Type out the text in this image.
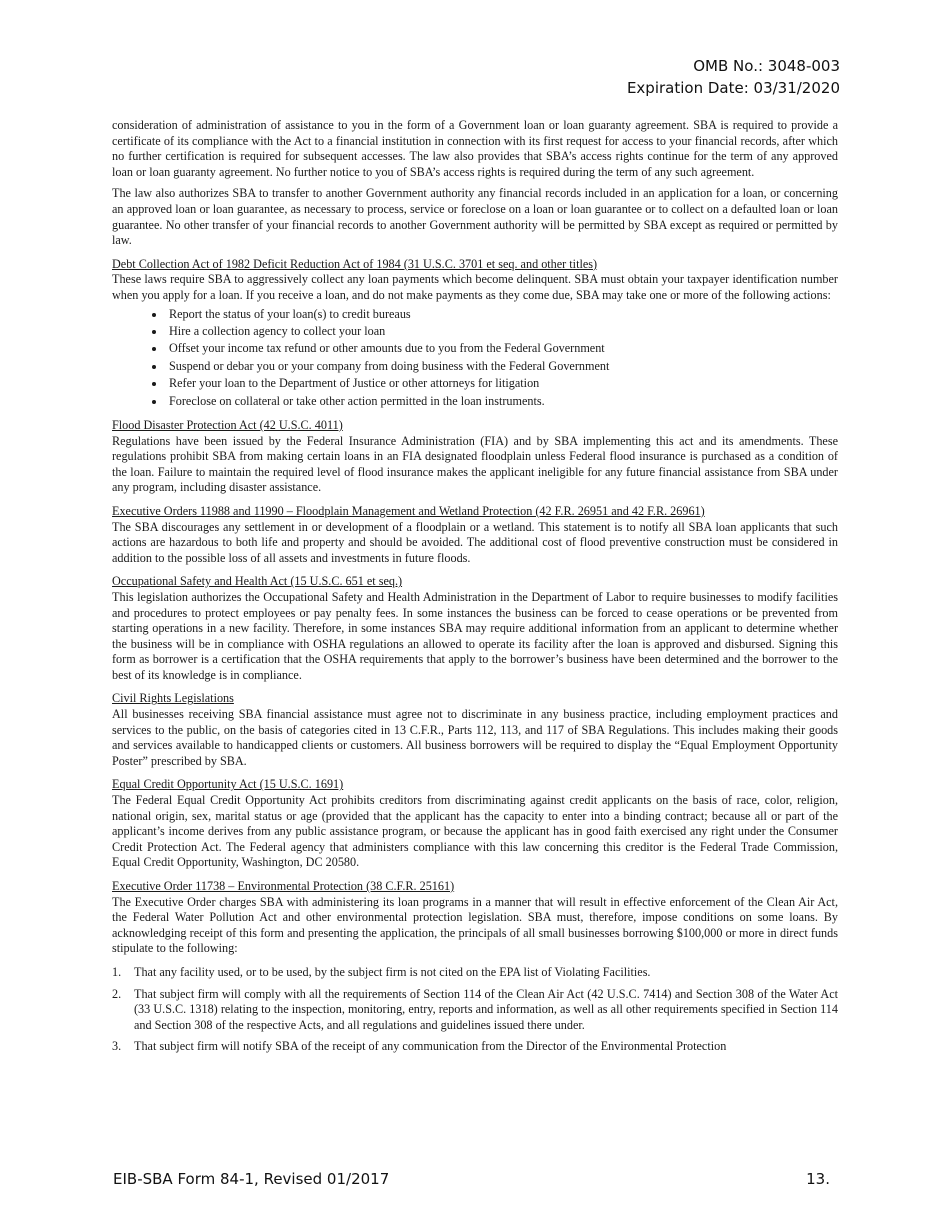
OMB No.: 3048-003
Expiration Date: 03/31/2020

consideration of administration of assistance to you in the form of a Government loan or loan guaranty agreement. SBA is required to provide a certificate of its compliance with the Act to a financial institution in connection with its first request for access to your financial records, after which no further certification is required for subsequent accesses. The law also provides that SBA’s access rights continue for the term of any approved loan or loan guaranty agreement. No further notice to you of SBA’s access rights is required during the term of any such agreement.

The law also authorizes SBA to transfer to another Government authority any financial records included in an application for a loan, or concerning an approved loan or loan guarantee, as necessary to process, service or foreclose on a loan or loan guarantee or to collect on a defaulted loan or loan guarantee. No other transfer of your financial records to another Government authority will be permitted by SBA except as required or permitted by law.

Debt Collection Act of 1982 Deficit Reduction Act of 1984 (31 U.S.C. 3701 et seq. and other titles)

These laws require SBA to aggressively collect any loan payments which become delinquent. SBA must obtain your taxpayer identification number when you apply for a loan. If you receive a loan, and do not make payments as they come due, SBA may take one or more of the following actions:

• Report the status of your loan(s) to credit bureaus
• Hire a collection agency to collect your loan
• Offset your income tax refund or other amounts due to you from the Federal Government
• Suspend or debar you or your company from doing business with the Federal Government
• Refer your loan to the Department of Justice or other attorneys for litigation
• Foreclose on collateral or take other action permitted in the loan instruments.

Flood Disaster Protection Act (42 U.S.C. 4011)

Regulations have been issued by the Federal Insurance Administration (FIA) and by SBA implementing this act and its amendments. These regulations prohibit SBA from making certain loans in an FIA designated floodplain unless Federal flood insurance is purchased as a condition of the loan. Failure to maintain the required level of flood insurance makes the applicant ineligible for any future financial assistance from SBA under any program, including disaster assistance.

Executive Orders 11988 and 11990 – Floodplain Management and Wetland Protection (42 F.R. 26951 and 42 F.R. 26961)

The SBA discourages any settlement in or development of a floodplain or a wetland. This statement is to notify all SBA loan applicants that such actions are hazardous to both life and property and should be avoided. The additional cost of flood preventive construction must be considered in addition to the possible loss of all assets and investments in future floods.

Occupational Safety and Health Act (15 U.S.C. 651 et seq.)

This legislation authorizes the Occupational Safety and Health Administration in the Department of Labor to require businesses to modify facilities and procedures to protect employees or pay penalty fees. In some instances the business can be forced to cease operations or be prevented from starting operations in a new facility. Therefore, in some instances SBA may require additional information from an applicant to determine whether the business will be in compliance with OSHA regulations an allowed to operate its facility after the loan is approved and disbursed. Signing this form as borrower is a certification that the OSHA requirements that apply to the borrower’s business have been determined and the borrower to the best of its knowledge is in compliance.

Civil Rights Legislations

All businesses receiving SBA financial assistance must agree not to discriminate in any business practice, including employment practices and services to the public, on the basis of categories cited in 13 C.F.R., Parts 112, 113, and 117 of SBA Regulations. This includes making their goods and services available to handicapped clients or customers. All business borrowers will be required to display the “Equal Employment Opportunity Poster” prescribed by SBA.

Equal Credit Opportunity Act (15 U.S.C. 1691)

The Federal Equal Credit Opportunity Act prohibits creditors from discriminating against credit applicants on the basis of race, color, religion, national origin, sex, marital status or age (provided that the applicant has the capacity to enter into a binding contract; because all or part of the applicant’s income derives from any public assistance program, or because the applicant has in good faith exercised any right under the Consumer Credit Protection Act. The Federal agency that administers compliance with this law concerning this creditor is the Federal Trade Commission, Equal Credit Opportunity, Washington, DC 20580.

Executive Order 11738 – Environmental Protection (38 C.F.R. 25161)

The Executive Order charges SBA with administering its loan programs in a manner that will result in effective enforcement of the Clean Air Act, the Federal Water Pollution Act and other environmental protection legislation. SBA must, therefore, impose conditions on some loans. By acknowledging receipt of this form and presenting the application, the principals of all small businesses borrowing $100,000 or more in direct funds stipulate to the following:

1. That any facility used, or to be used, by the subject firm is not cited on the EPA list of Violating Facilities.
2. That subject firm will comply with all the requirements of Section 114 of the Clean Air Act (42 U.S.C. 7414) and Section 308 of the Water Act (33 U.S.C. 1318) relating to the inspection, monitoring, entry, reports and information, as well as all other requirements specified in Section 114 and Section 308 of the respective Acts, and all regulations and guidelines issued there under.
3. That subject firm will notify SBA of the receipt of any communication from the Director of the Environmental Protection
EIB-SBA Form 84-1, Revised 01/2017	13.
